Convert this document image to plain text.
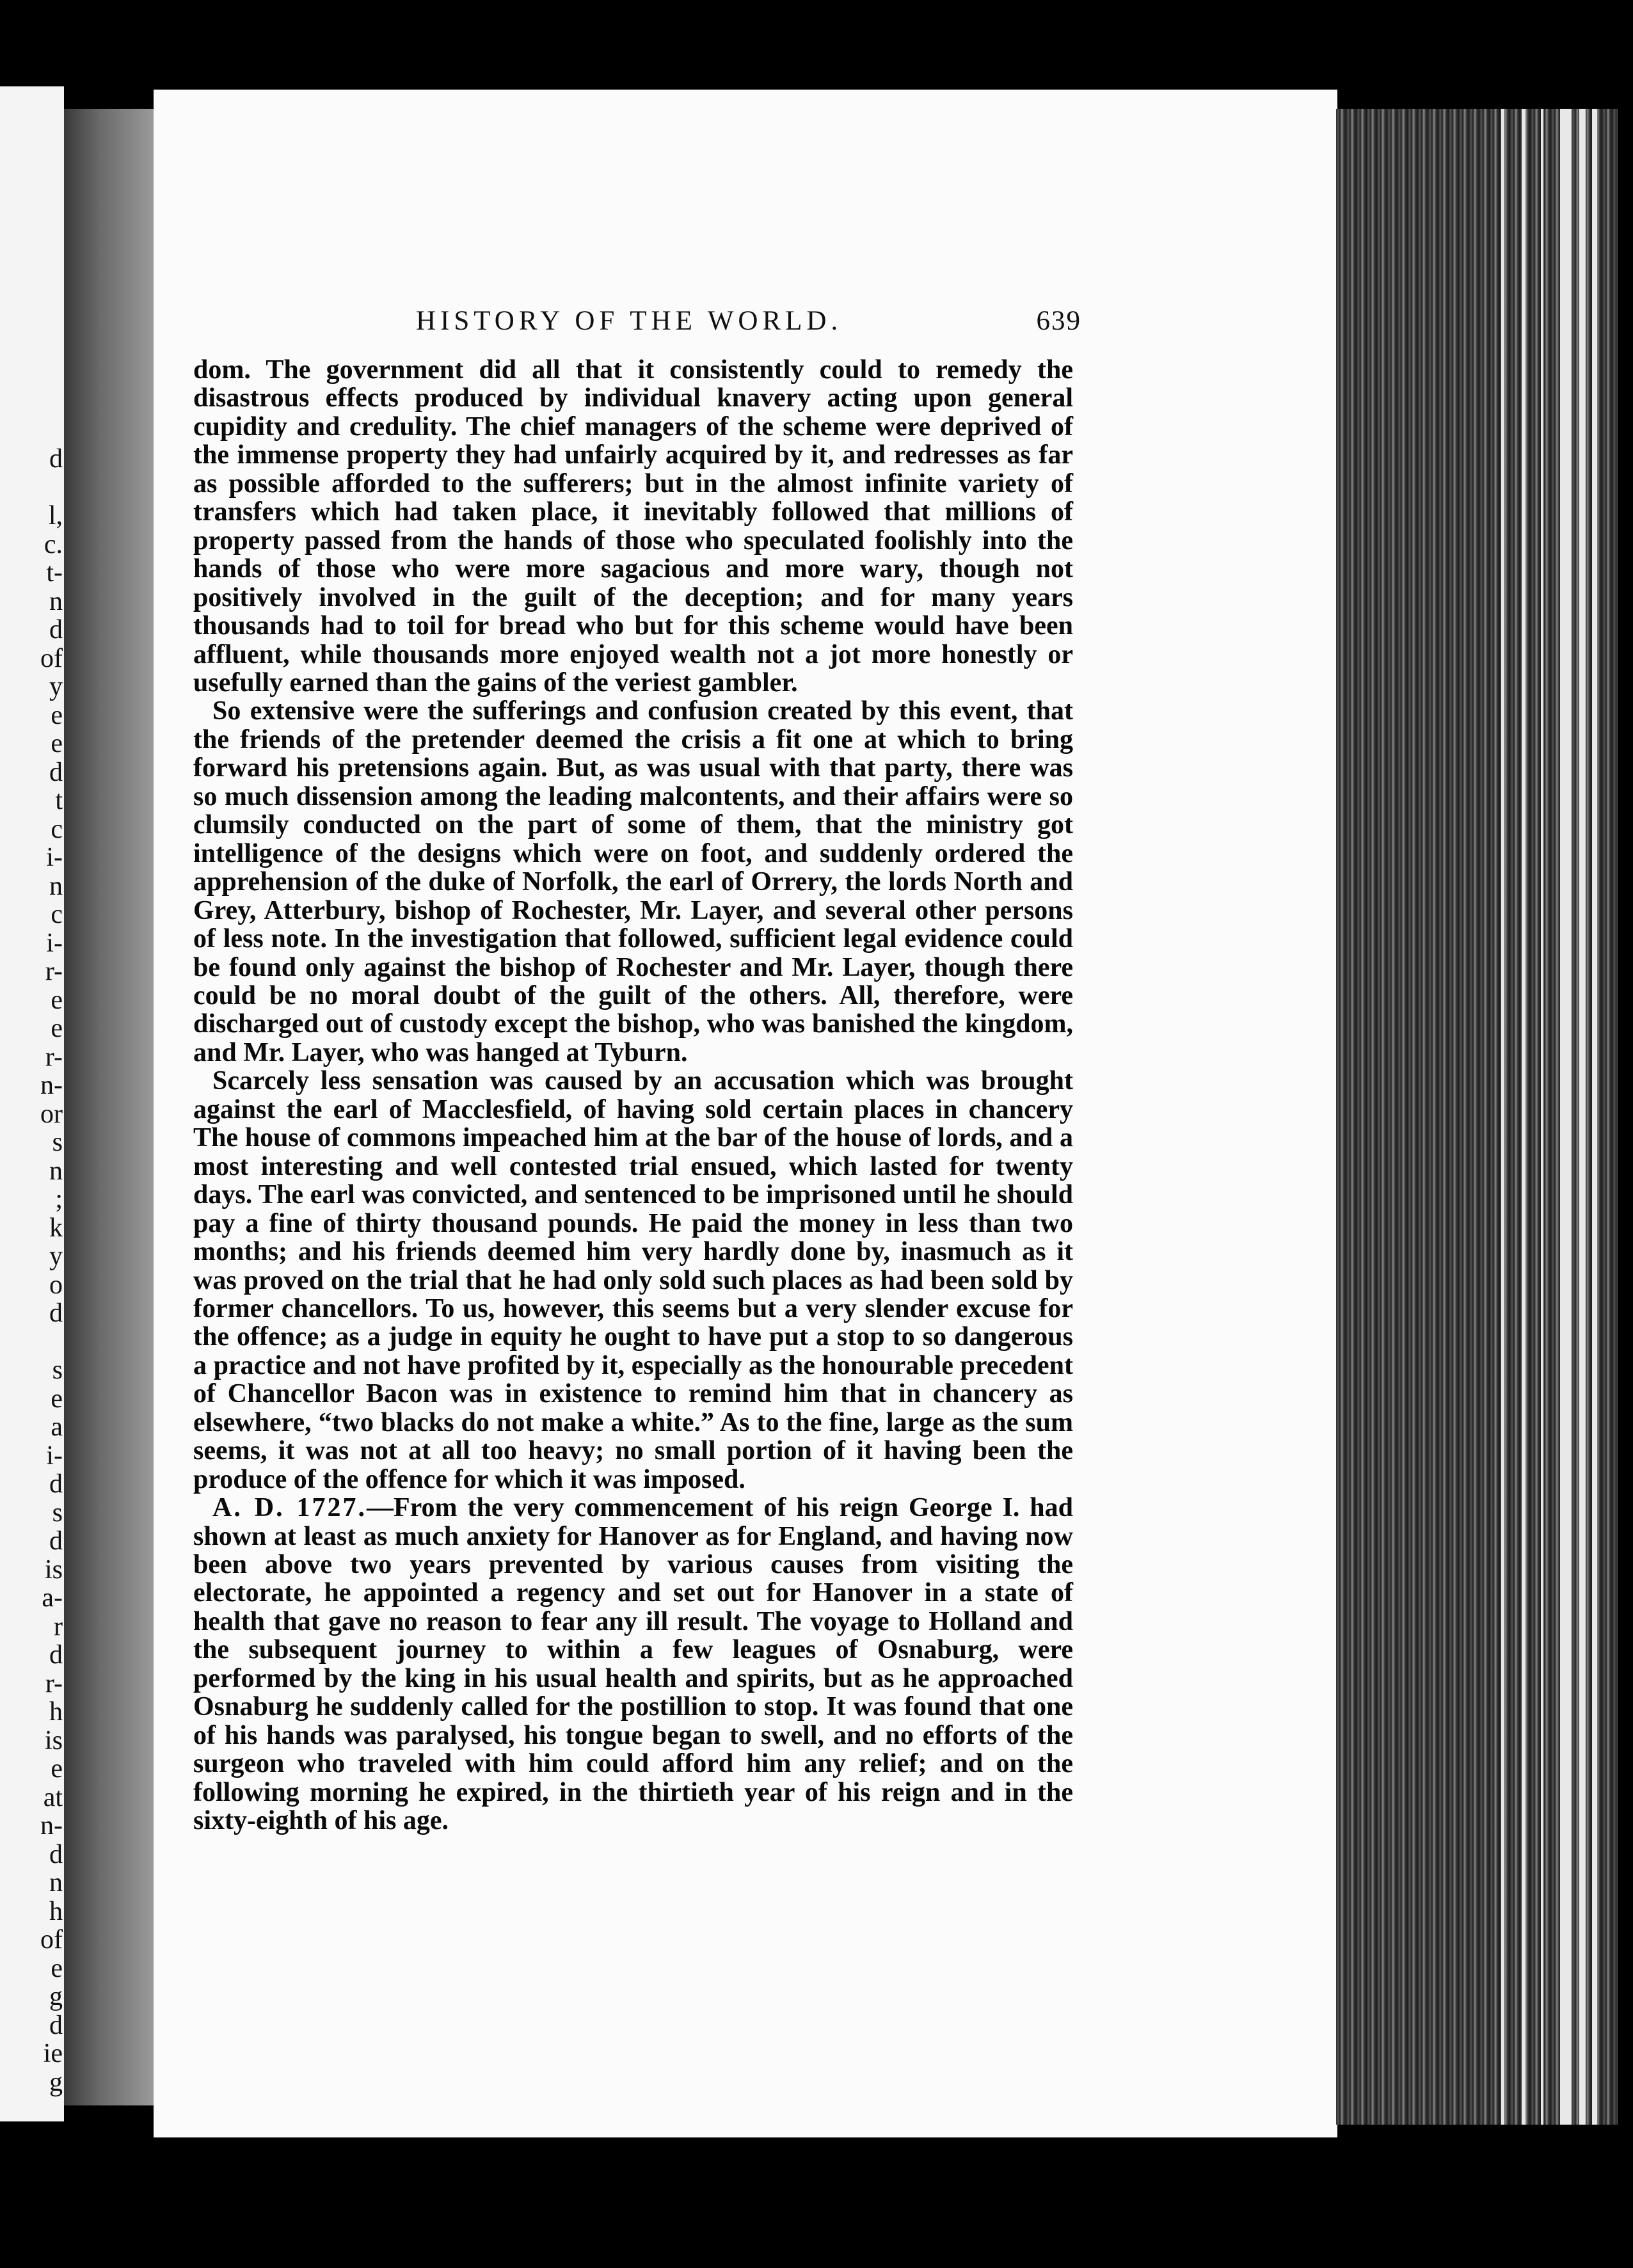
d
l,
c.
t-
n
d
of
y
e
e
d
t
c
i-
n
c
i-
r-
e
e
r-
n-
or
s
n
;
k
y
o
d
s
e
a
i-
d
s
d
is
a-
r
d
r-
h
is
e
at
n-
d
n
h
of
e
g
d
ie
g
HISTORY OF THE WORLD.	639

dom. The government did all that it consistently could to remedy the disastrous effects produced by individual knavery acting upon general cupidity and credulity. The chief managers of the scheme were deprived of the immense property they had unfairly acquired by it, and redresses as far as possible afforded to the sufferers; but in the almost infinite variety of transfers which had taken place, it inevitably followed that millions of property passed from the hands of those who speculated foolishly into the hands of those who were more sagacious and more wary, though not positively involved in the guilt of the deception; and for many years thousands had to toil for bread who but for this scheme would have been affluent, while thousands more enjoyed wealth not a jot more honestly or usefully earned than the gains of the veriest gambler.

So extensive were the sufferings and confusion created by this event, that the friends of the pretender deemed the crisis a fit one at which to bring forward his pretensions again. But, as was usual with that party, there was so much dissension among the leading malcontents, and their affairs were so clumsily conducted on the part of some of them, that the ministry got intelligence of the designs which were on foot, and suddenly ordered the apprehension of the duke of Norfolk, the earl of Orrery, the lords North and Grey, Atterbury, bishop of Rochester, Mr. Layer, and several other persons of less note. In the investigation that followed, sufficient legal evidence could be found only against the bishop of Rochester and Mr. Layer, though there could be no moral doubt of the guilt of the others. All, therefore, were discharged out of custody except the bishop, who was banished the kingdom, and Mr. Layer, who was hanged at Tyburn.

Scarcely less sensation was caused by an accusation which was brought against the earl of Macclesfield, of having sold certain places in chancery The house of commons impeached him at the bar of the house of lords, and a most interesting and well contested trial ensued, which lasted for twenty days. The earl was convicted, and sentenced to be imprisoned until he should pay a fine of thirty thousand pounds. He paid the money in less than two months; and his friends deemed him very hardly done by, inasmuch as it was proved on the trial that he had only sold such places as had been sold by former chancellors. To us, however, this seems but a very slender excuse for the offence; as a judge in equity he ought to have put a stop to so dangerous a practice and not have profited by it, especially as the honourable precedent of Chancellor Bacon was in existence to remind him that in chancery as elsewhere, “two blacks do not make a white.” As to the fine, large as the sum seems, it was not at all too heavy; no small portion of it having been the produce of the offence for which it was imposed.

A. D. 1727.—From the very commencement of his reign George I. had shown at least as much anxiety for Hanover as for England, and having now been above two years prevented by various causes from visiting the electorate, he appointed a regency and set out for Hanover in a state of health that gave no reason to fear any ill result. The voyage to Holland and the subsequent journey to within a few leagues of Osnaburg, were performed by the king in his usual health and spirits, but as he approached Osnaburg he suddenly called for the postillion to stop. It was found that one of his hands was paralysed, his tongue began to swell, and no efforts of the surgeon who traveled with him could afford him any relief; and on the following morning he expired, in the thirtieth year of his reign and in the sixty-eighth of his age.
